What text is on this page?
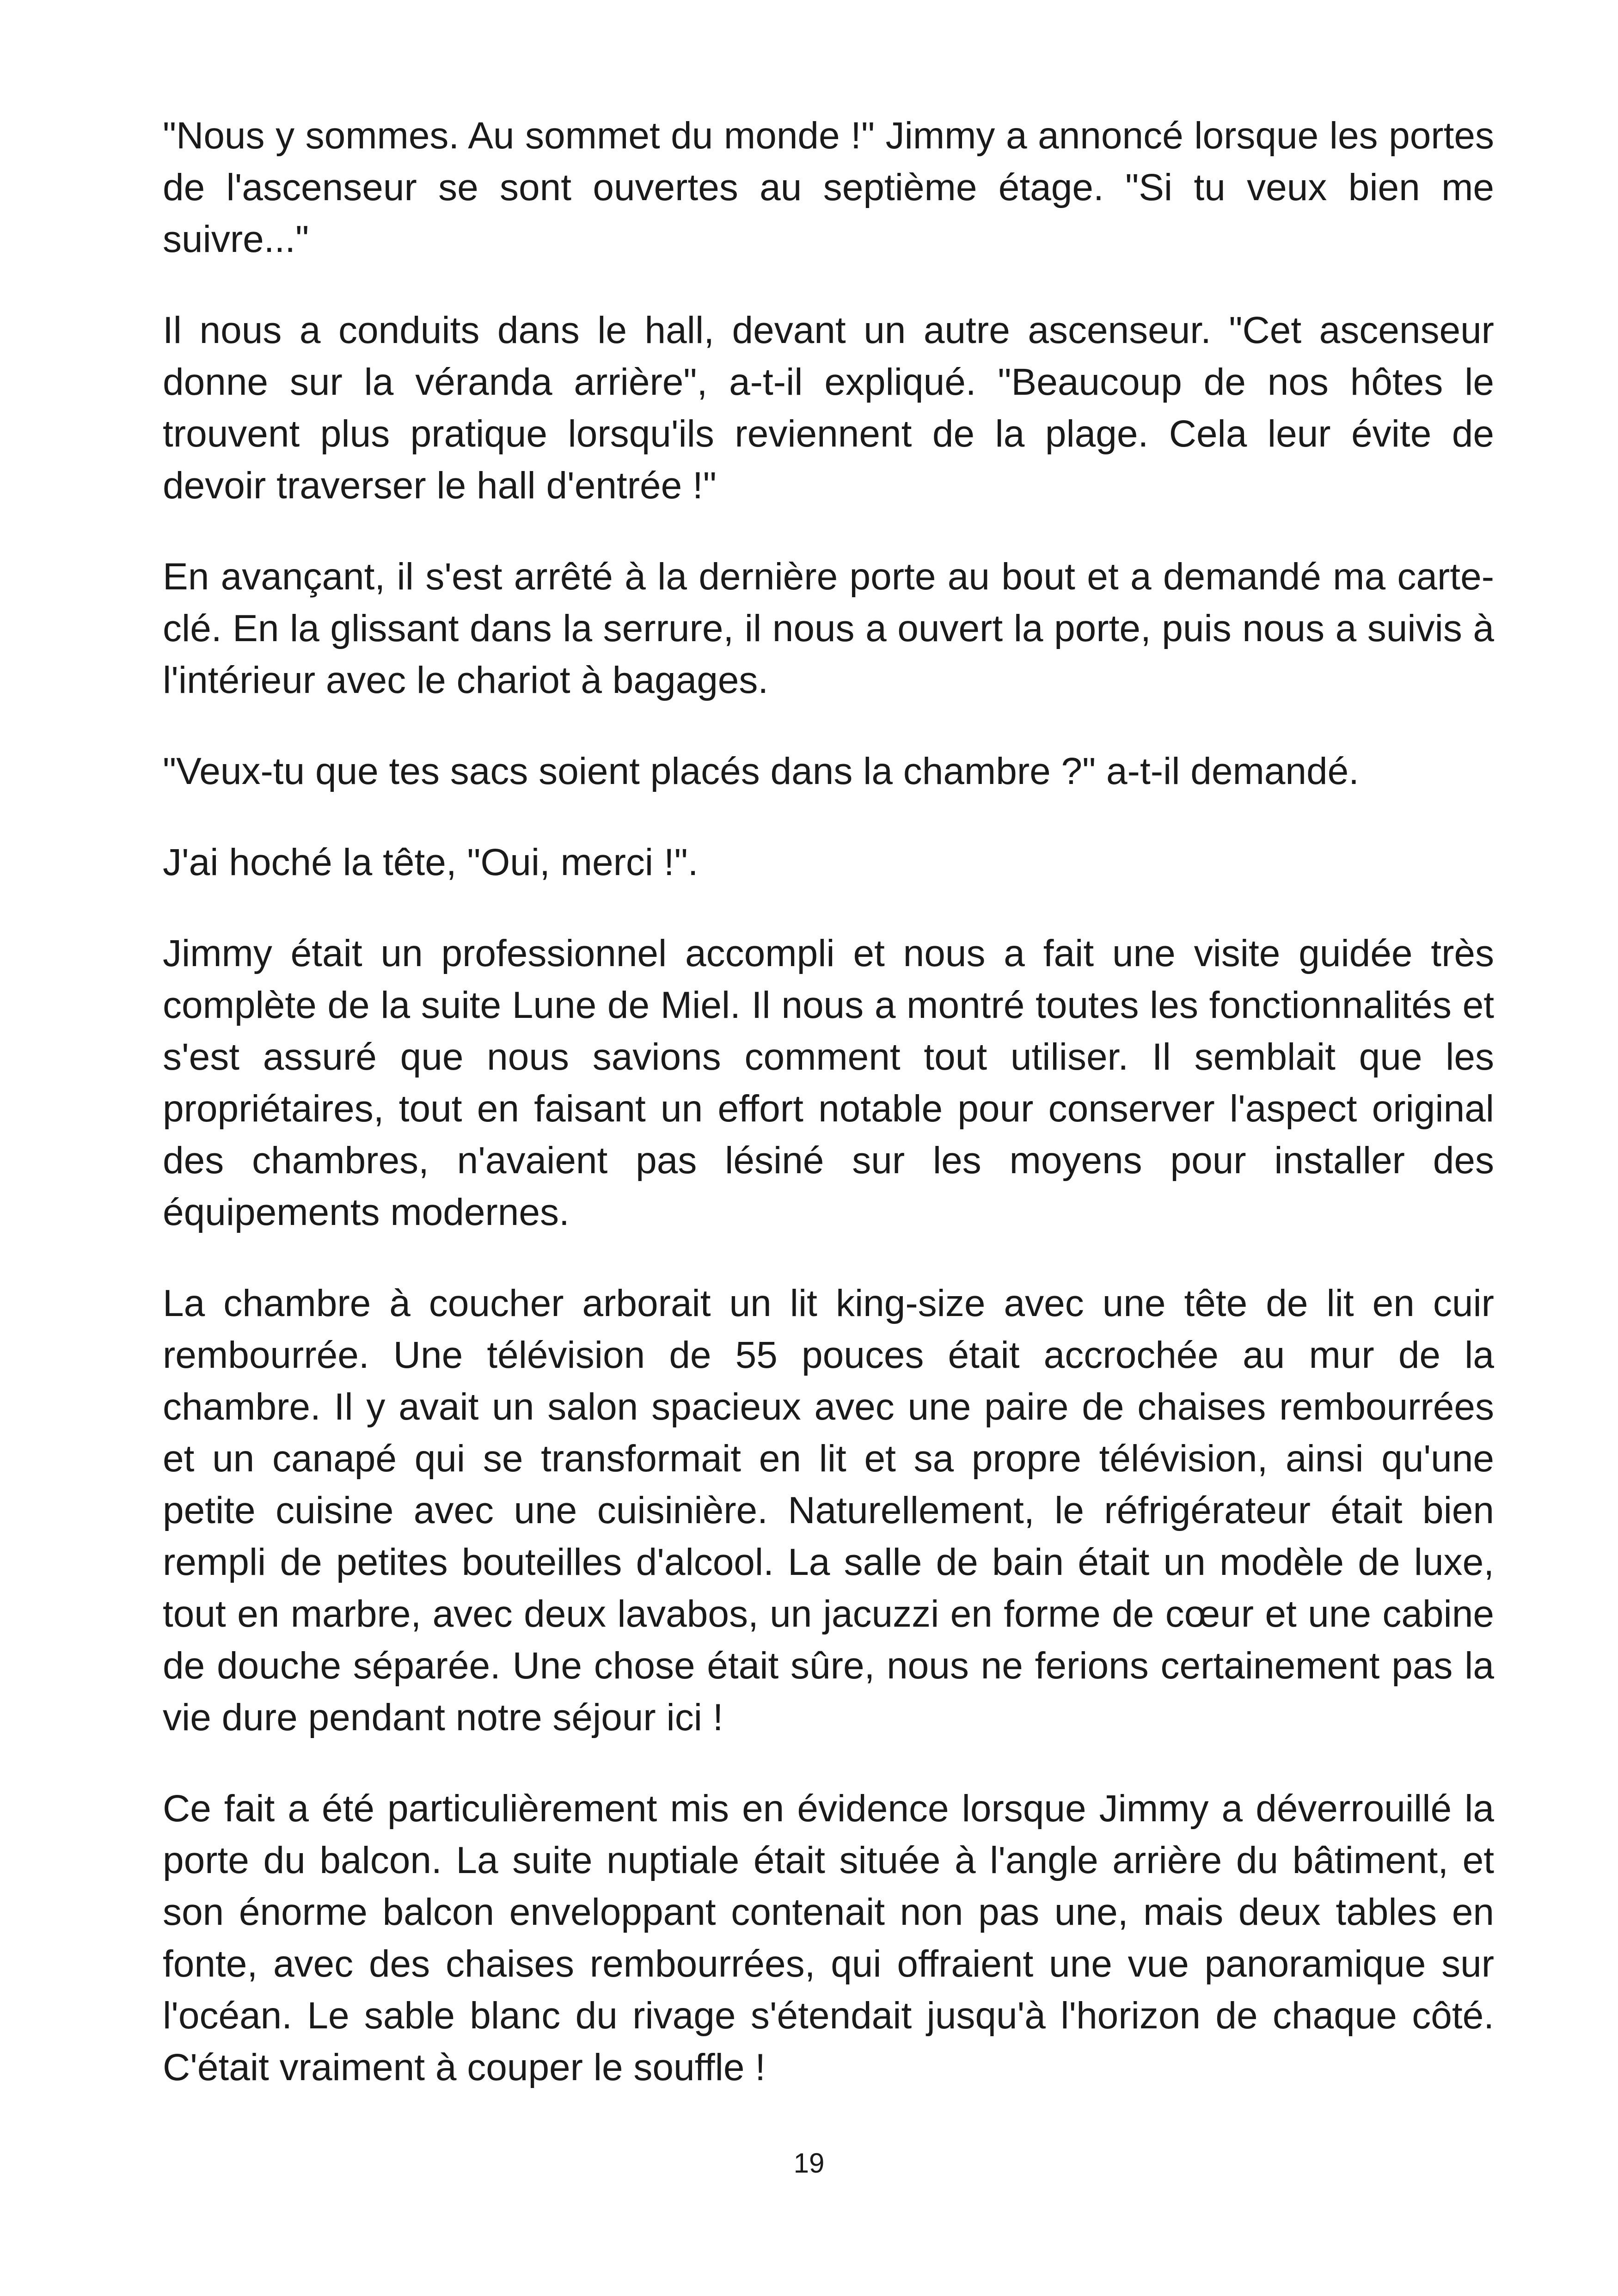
"Nous y sommes. Au sommet du monde !" Jimmy a annoncé lorsque les portes de l'ascenseur se sont ouvertes au septième étage. "Si tu veux bien me suivre..."

Il nous a conduits dans le hall, devant un autre ascenseur. "Cet ascenseur donne sur la véranda arrière", a-t-il expliqué. "Beaucoup de nos hôtes le trouvent plus pratique lorsqu'ils reviennent de la plage. Cela leur évite de devoir traverser le hall d'entrée !"

En avançant, il s'est arrêté à la dernière porte au bout et a demandé ma carte-clé. En la glissant dans la serrure, il nous a ouvert la porte, puis nous a suivis à l'intérieur avec le chariot à bagages.

"Veux-tu que tes sacs soient placés dans la chambre ?" a-t-il demandé.

J'ai hoché la tête, "Oui, merci !".

Jimmy était un professionnel accompli et nous a fait une visite guidée très complète de la suite Lune de Miel. Il nous a montré toutes les fonctionnalités et s'est assuré que nous savions comment tout utiliser. Il semblait que les propriétaires, tout en faisant un effort notable pour conserver l'aspect original des chambres, n'avaient pas lésiné sur les moyens pour installer des équipements modernes.

La chambre à coucher arborait un lit king-size avec une tête de lit en cuir rembourrée. Une télévision de 55 pouces était accrochée au mur de la chambre. Il y avait un salon spacieux avec une paire de chaises rembourrées et un canapé qui se transformait en lit et sa propre télévision, ainsi qu'une petite cuisine avec une cuisinière. Naturellement, le réfrigérateur était bien rempli de petites bouteilles d'alcool. La salle de bain était un modèle de luxe, tout en marbre, avec deux lavabos, un jacuzzi en forme de cœur et une cabine de douche séparée. Une chose était sûre, nous ne ferions certainement pas la vie dure pendant notre séjour ici !

Ce fait a été particulièrement mis en évidence lorsque Jimmy a déverrouillé la porte du balcon. La suite nuptiale était située à l'angle arrière du bâtiment, et son énorme balcon enveloppant contenait non pas une, mais deux tables en fonte, avec des chaises rembourrées, qui offraient une vue panoramique sur l'océan. Le sable blanc du rivage s'étendait jusqu'à l'horizon de chaque côté. C'était vraiment à couper le souffle !

19
